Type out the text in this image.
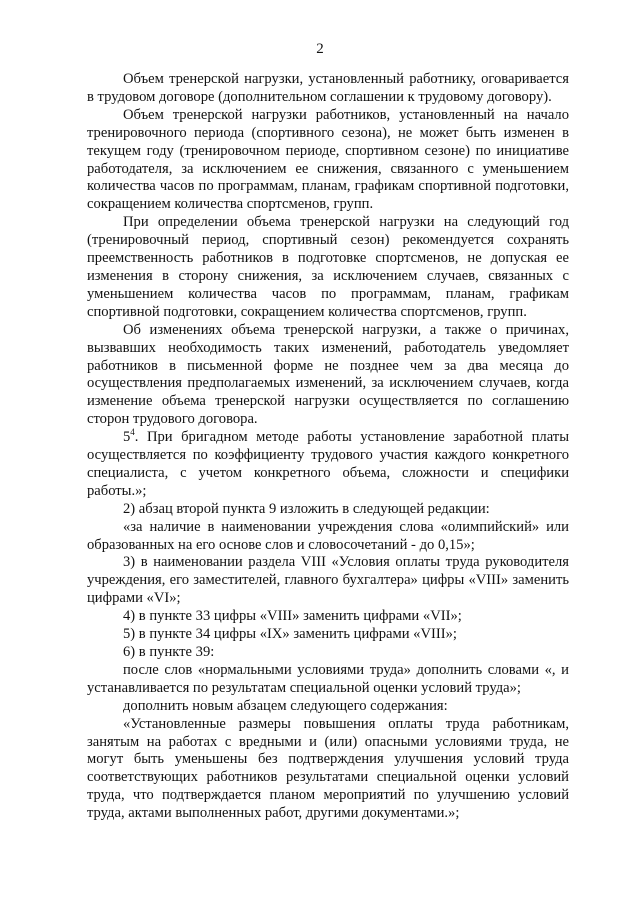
2

Объем тренерской нагрузки, установленный работнику, оговаривается в трудовом договоре (дополнительном соглашении к трудовому договору).

Объем тренерской нагрузки работников, установленный на начало тренировочного периода (спортивного сезона), не может быть изменен в текущем году (тренировочном периоде, спортивном сезоне) по инициативе работодателя, за исключением ее снижения, связанного с уменьшением количества часов по программам, планам, графикам спортивной подготовки, сокращением количества спортсменов, групп.

При определении объема тренерской нагрузки на следующий год (тренировочный период, спортивный сезон) рекомендуется сохранять преемственность работников в подготовке спортсменов, не допуская ее изменения в сторону снижения, за исключением случаев, связанных с уменьшением количества часов по программам, планам, графикам спортивной подготовки, сокращением количества спортсменов, групп.

Об изменениях объема тренерской нагрузки, а также о причинах, вызвавших необходимость таких изменений, работодатель уведомляет работников в письменной форме не позднее чем за два месяца до осуществления предполагаемых изменений, за исключением случаев, когда изменение объема тренерской нагрузки осуществляется по соглашению сторон трудового договора.

$5^4$. При бригадном методе работы установление заработной платы осуществляется по коэффициенту трудового участия каждого конкретного специалиста, с учетом конкретного объема, сложности и специфики работы.»;

2) абзац второй пункта 9 изложить в следующей редакции:

«за наличие в наименовании учреждения слова «олимпийский» или образованных на его основе слов и словосочетаний - до 0,15»;

3) в наименовании раздела VIII «Условия оплаты труда руководителя учреждения, его заместителей, главного бухгалтера» цифры «VIII» заменить цифрами «VI»;

4) в пункте 33 цифры «VIII» заменить цифрами «VII»;

5) в пункте 34 цифры «IX» заменить цифрами «VIII»;

6) в пункте 39:

после слов «нормальными условиями труда» дополнить словами «, и устанавливается по результатам специальной оценки условий труда»;

дополнить новым абзацем следующего содержания:

«Установленные размеры повышения оплаты труда работникам, занятым на работах с вредными и (или) опасными условиями труда, не могут быть уменьшены без подтверждения улучшения условий труда соответствующих работников результатами специальной оценки условий труда, что подтверждается планом мероприятий по улучшению условий труда, актами выполненных работ, другими документами.»;
